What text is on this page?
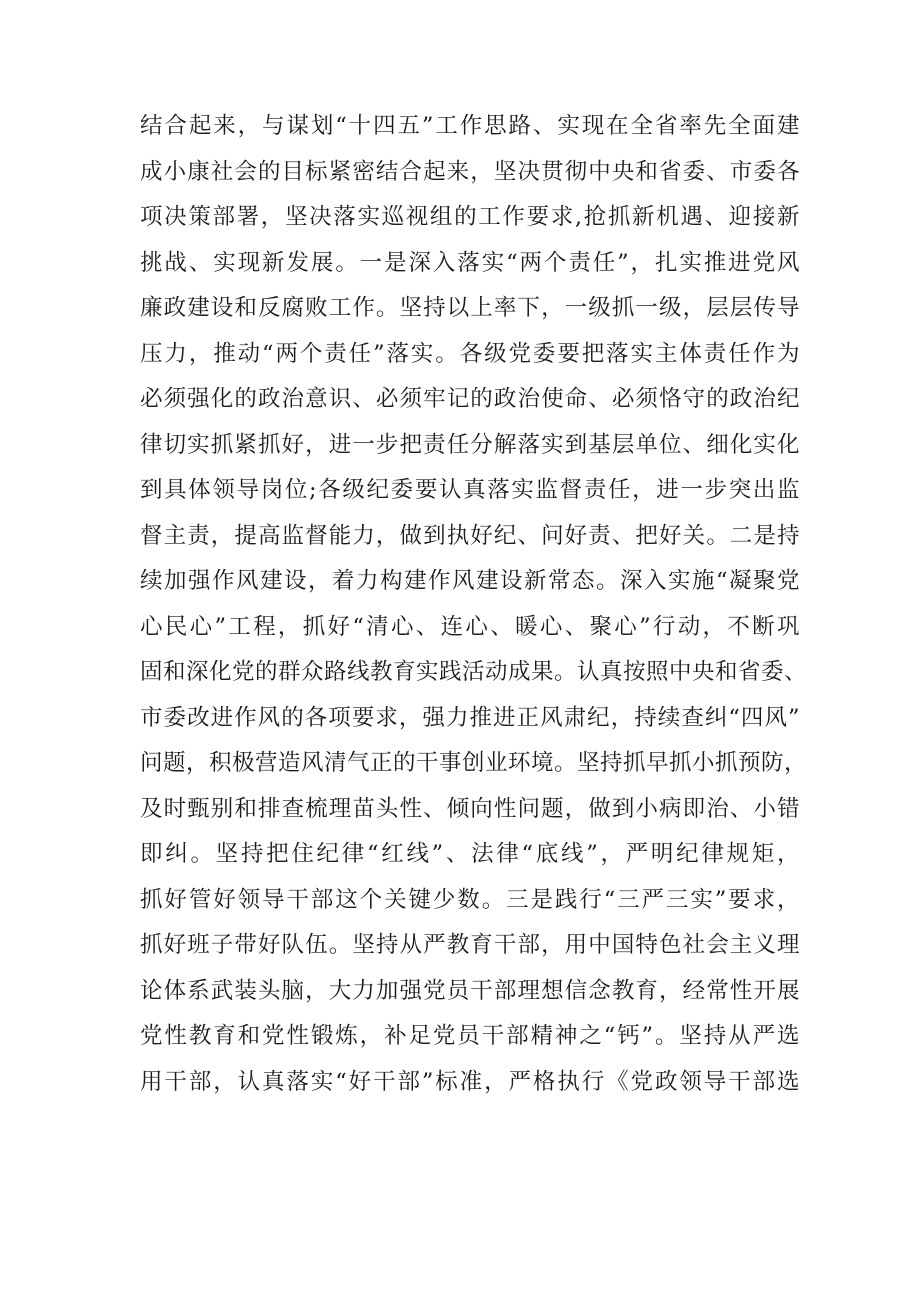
结合起来，与谋划“十四五”工作思路、实现在全省率先全面建
成小康社会的目标紧密结合起来，坚决贯彻中央和省委、市委各
项决策部署，坚决落实巡视组的工作要求,抢抓新机遇、迎接新
挑战、实现新发展。一是深入落实“两个责任”，扎实推进党风
廉政建设和反腐败工作。坚持以上率下，一级抓一级，层层传导
压力，推动“两个责任”落实。各级党委要把落实主体责任作为
必须强化的政治意识、必须牢记的政治使命、必须恪守的政治纪
律切实抓紧抓好，进一步把责任分解落实到基层单位、细化实化
到具体领导岗位;各级纪委要认真落实监督责任，进一步突出监
督主责，提高监督能力，做到执好纪、问好责、把好关。二是持
续加强作风建设，着力构建作风建设新常态。深入实施“凝聚党
心民心”工程，抓好“清心、连心、暖心、聚心”行动，不断巩
固和深化党的群众路线教育实践活动成果。认真按照中央和省委、
市委改进作风的各项要求，强力推进正风肃纪，持续查纠“四风”
问题，积极营造风清气正的干事创业环境。坚持抓早抓小抓预防，
及时甄别和排查梳理苗头性、倾向性问题，做到小病即治、小错
即纠。坚持把住纪律“红线”、法律“底线”，严明纪律规矩，
抓好管好领导干部这个关键少数。三是践行“三严三实”要求，
抓好班子带好队伍。坚持从严教育干部，用中国特色社会主义理
论体系武装头脑，大力加强党员干部理想信念教育，经常性开展
党性教育和党性锻炼，补足党员干部精神之“钙”。坚持从严选
用干部，认真落实“好干部”标准，严格执行《党政领导干部选
